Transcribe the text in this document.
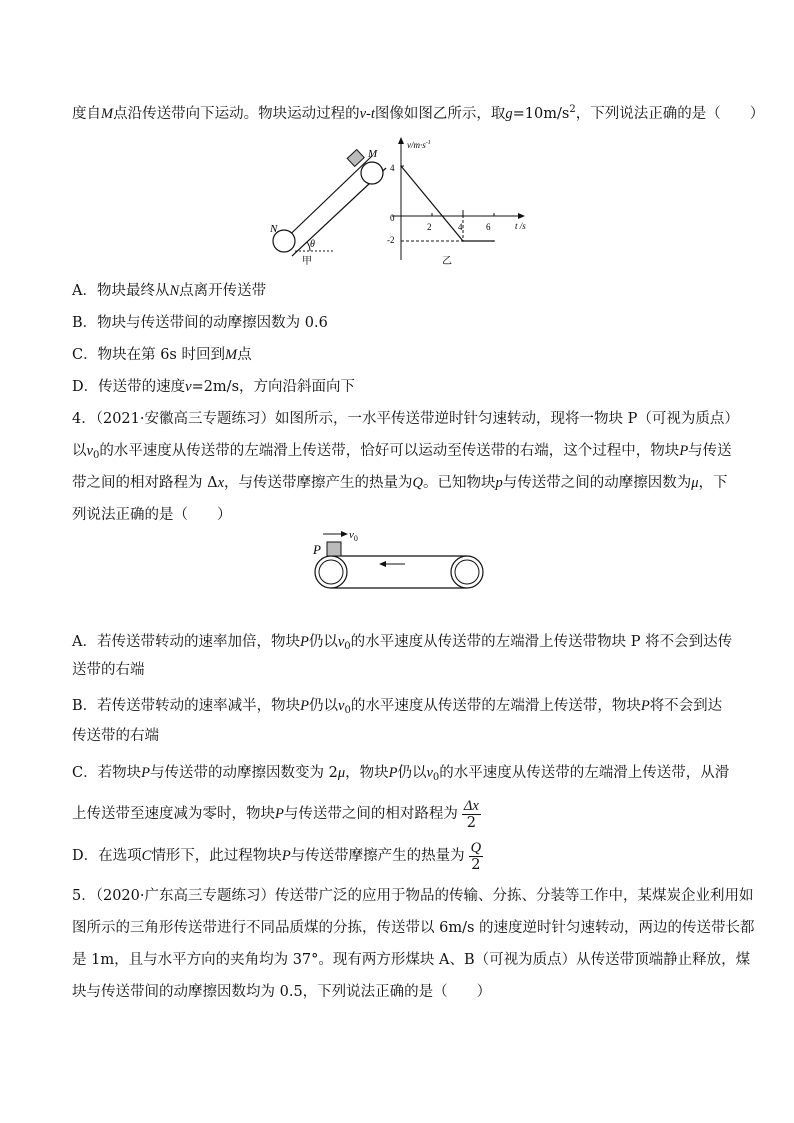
度自M点沿传送带向下运动。物块运动过程的v-t图像如图乙所示，取$g=10m/s^2$，下列说法正确的是（　　）
M
N
θ
甲
$v/m\cdot s^{-1}$
t /s
4
0
-2
2	4	6
乙
A．物块最终从N点离开传送带
B．物块与传送带间的动摩擦因数为 0.6
C．物块在第 6s 时回到M点
D．传送带的速度v=2m/s，方向沿斜面向下
4．（2021·安徽高三专题练习）如图所示，一水平传送带逆时针匀速转动，现将一物块 P（可视为质点）
以$v_0$的水平速度从传送带的左端滑上传送带，恰好可以运动至传送带的右端，这个过程中，物块P与传送
带之间的相对路程为 Δx，与传送带摩擦产生的热量为Q。已知物块p与传送带之间的动摩擦因数为μ，下
列说法正确的是（　　）
P
$v_0$
A．若传送带转动的速率加倍，物块P仍以$v_0$的水平速度从传送带的左端滑上传送带物块 P 将不会到达传
送带的右端
B．若传送带转动的速率减半，物块P仍以$v_0$的水平速度从传送带的左端滑上传送带，物块P将不会到达
传送带的右端
C．若物块P与传送带的动摩擦因数变为 2μ，物块P仍以$v_0$的水平速度从传送带的左端滑上传送带，从滑
上传送带至速度减为零时，物块P与传送带之间的相对路程为 $\frac{\Delta x}{2}$
D．在选项C情形下，此过程物块P与传送带摩擦产生的热量为 $\frac{Q}{2}$
5．（2020·广东高三专题练习）传送带广泛的应用于物品的传输、分拣、分装等工作中，某煤炭企业利用如
图所示的三角形传送带进行不同品质煤的分拣，传送带以 6m/s 的速度逆时针匀速转动，两边的传送带长都
是 1m，且与水平方向的夹角均为 37°。现有两方形煤块 A、B（可视为质点）从传送带顶端静止释放，煤
块与传送带间的动摩擦因数均为 0.5，下列说法正确的是（　　）
